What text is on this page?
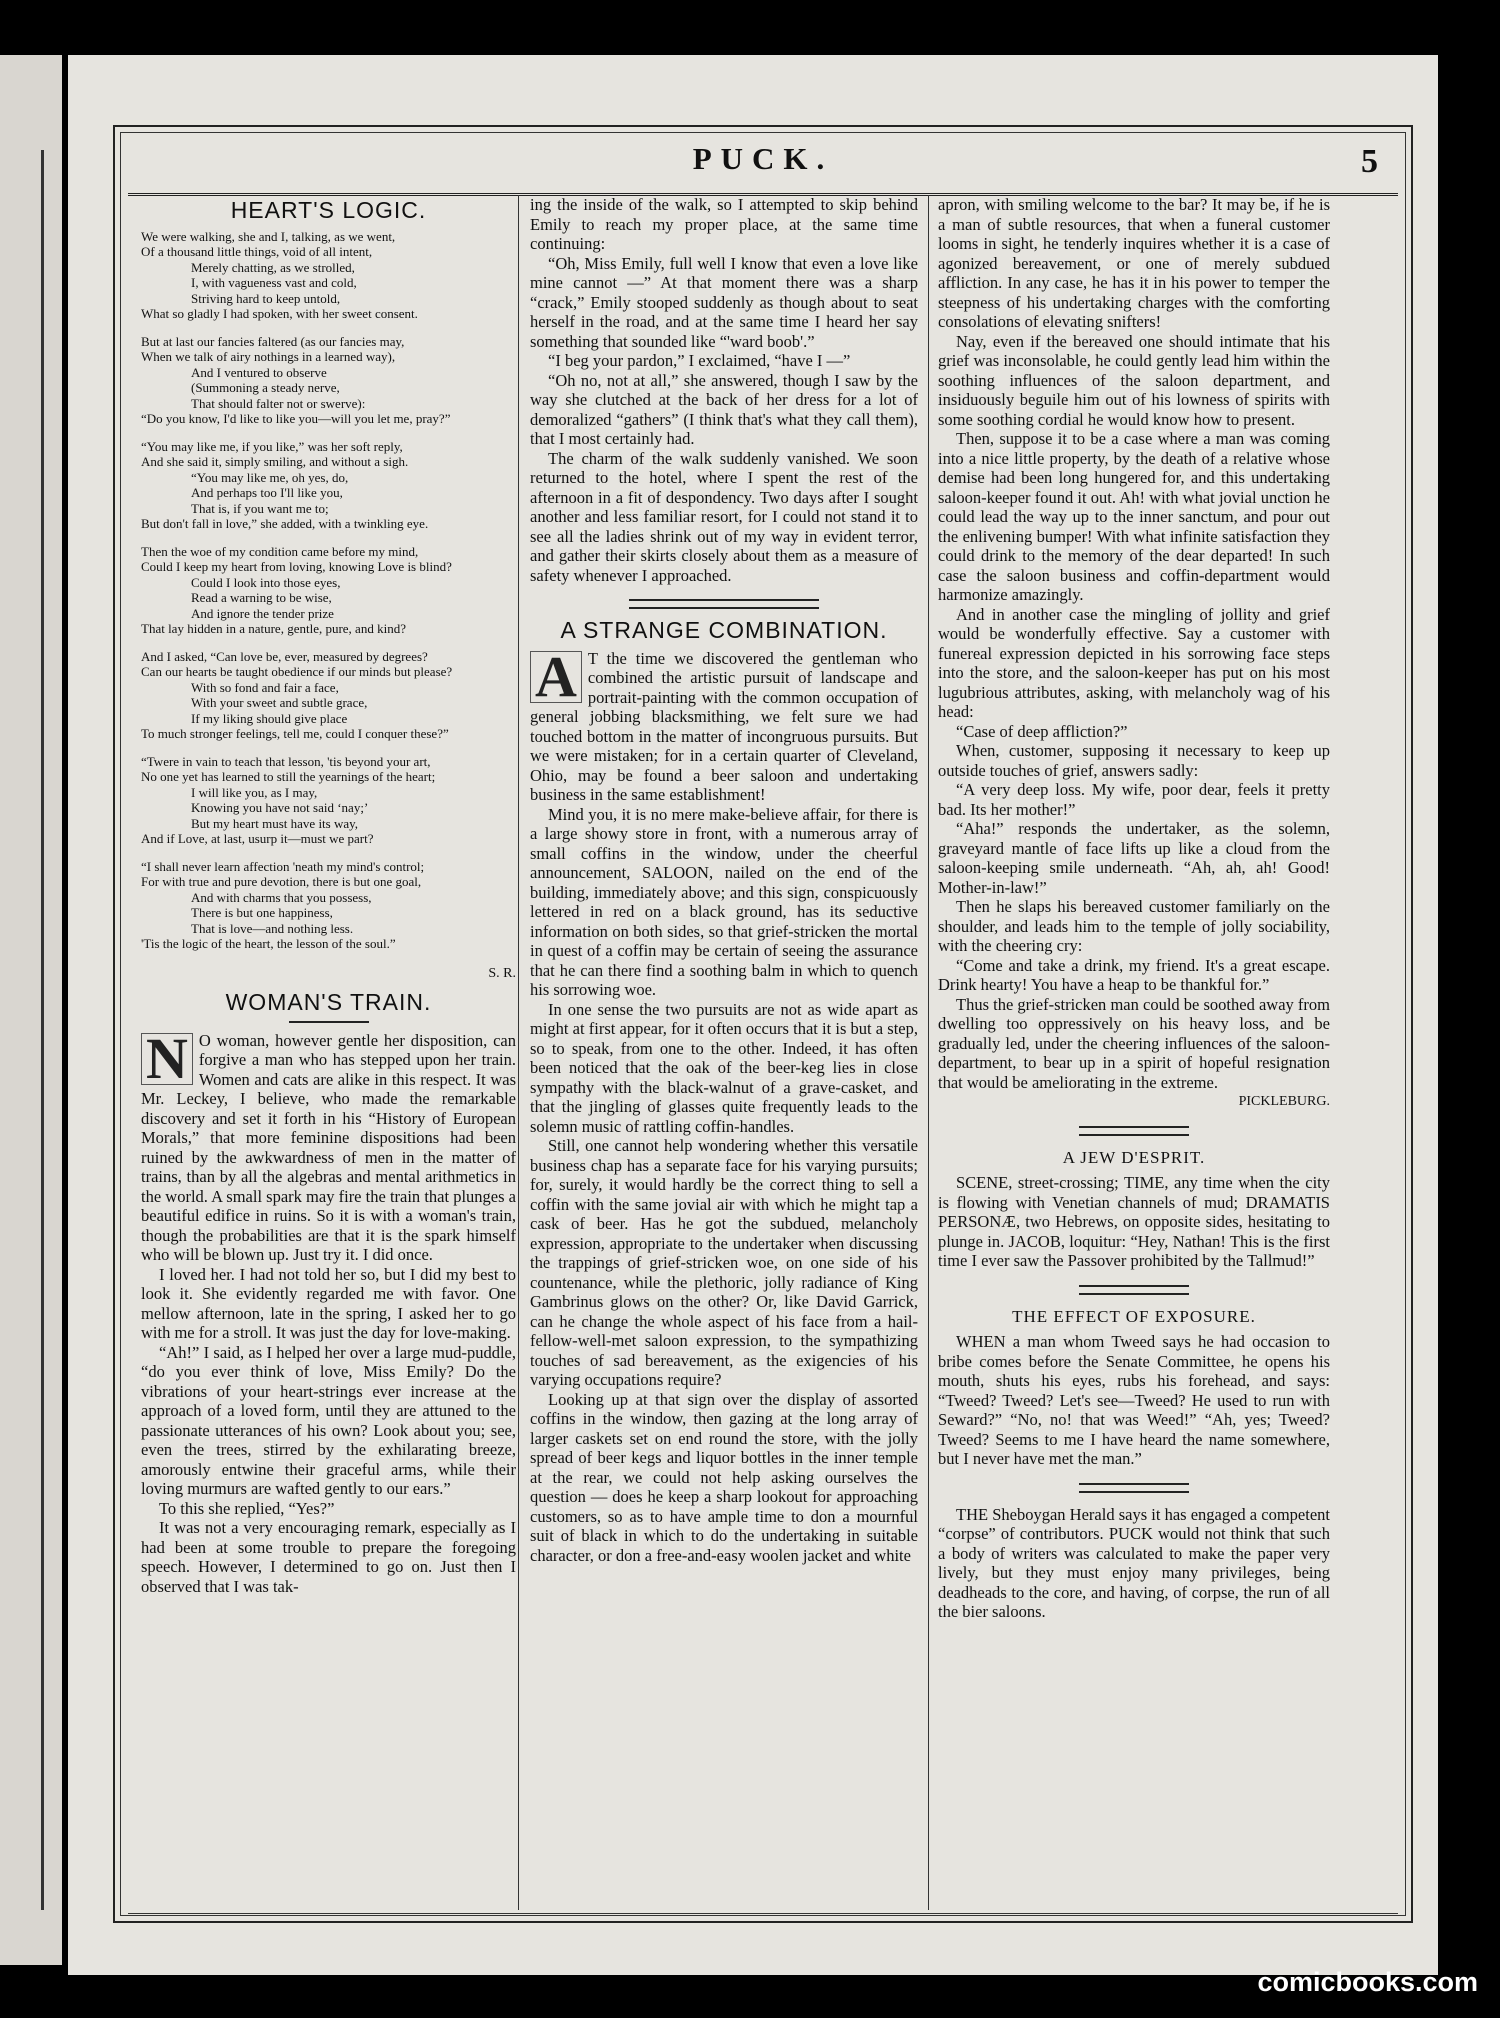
PUCK.	5
HEART'S LOGIC.
We were walking, she and I, talking, as we went,
Of a thousand little things, void of all intent,
Merely chatting, as we strolled,
I, with vagueness vast and cold,
Striving hard to keep untold,
What so gladly I had spoken, with her sweet consent.
But at last our fancies faltered (as our fancies may,
When we talk of airy nothings in a learned way),
And I ventured to observe
(Summoning a steady nerve,
That should falter not or swerve):
“Do you know, I'd like to like you—will you let me, pray?”
“You may like me, if you like,” was her soft reply,
And she said it, simply smiling, and without a sigh.
“You may like me, oh yes, do,
And perhaps too I'll like you,
That is, if you want me to;
But don't fall in love,” she added, with a twinkling eye.
Then the woe of my condition came before my mind,
Could I keep my heart from loving, knowing Love is blind?
Could I look into those eyes,
Read a warning to be wise,
And ignore the tender prize
That lay hidden in a nature, gentle, pure, and kind?
And I asked, “Can love be, ever, measured by degrees?
Can our hearts be taught obedience if our minds but please?
With so fond and fair a face,
With your sweet and subtle grace,
If my liking should give place
To much stronger feelings, tell me, could I conquer these?”
“Twere in vain to teach that lesson, 'tis beyond your art,
No one yet has learned to still the yearnings of the heart;
I will like you, as I may,
Knowing you have not said ‘nay;’
But my heart must have its way,
And if Love, at last, usurp it—must we part?
“I shall never learn affection 'neath my mind's control;
For with true and pure devotion, there is but one goal,
And with charms that you possess,
There is but one happiness,
That is love—and nothing less.
'Tis the logic of the heart, the lesson of the soul.”
S. R.
WOMAN'S TRAIN.

N O woman, however gentle her disposition, can forgive a man who has stepped upon her train. Women and cats are alike in this respect. It was Mr. Leckey, I believe, who made the remarkable discovery and set it forth in his “History of European Morals,” that more feminine dispositions had been ruined by the awkwardness of men in the matter of trains, than by all the algebras and mental arithmetics in the world. A small spark may fire the train that plunges a beautiful edifice in ruins. So it is with a woman's train, though the probabilities are that it is the spark himself who will be blown up. Just try it. I did once.

I loved her. I had not told her so, but I did my best to look it. She evidently regarded me with favor. One mellow afternoon, late in the spring, I asked her to go with me for a stroll. It was just the day for love-making.

“Ah!” I said, as I helped her over a large mud-puddle, “do you ever think of love, Miss Emily? Do the vibrations of your heart-strings ever increase at the approach of a loved form, until they are attuned to the passionate utterances of his own? Look about you; see, even the trees, stirred by the exhilarating breeze, amorously entwine their graceful arms, while their loving murmurs are wafted gently to our ears.”

To this she replied, “Yes?”

It was not a very encouraging remark, especially as I had been at some trouble to prepare the foregoing speech. However, I determined to go on. Just then I observed that I was tak-

ing the inside of the walk, so I attempted to skip behind Emily to reach my proper place, at the same time continuing:

“Oh, Miss Emily, full well I know that even a love like mine cannot —” At that moment there was a sharp “crack,” Emily stooped suddenly as though about to seat herself in the road, and at the same time I heard her say something that sounded like “'ward boob'.”

“I beg your pardon,” I exclaimed, “have I —”

“Oh no, not at all,” she answered, though I saw by the way she clutched at the back of her dress for a lot of demoralized “gathers” (I think that's what they call them), that I most certainly had.

The charm of the walk suddenly vanished. We soon returned to the hotel, where I spent the rest of the afternoon in a fit of despondency. Two days after I sought another and less familiar resort, for I could not stand it to see all the ladies shrink out of my way in evident terror, and gather their skirts closely about them as a measure of safety whenever I approached.

A STRANGE COMBINATION.

A T the time we discovered the gentleman who combined the artistic pursuit of landscape and portrait-painting with the common occupation of general jobbing blacksmithing, we felt sure we had touched bottom in the matter of incongruous pursuits. But we were mistaken; for in a certain quarter of Cleveland, Ohio, may be found a beer saloon and undertaking business in the same establishment!

Mind you, it is no mere make-believe affair, for there is a large showy store in front, with a numerous array of small coffins in the window, under the cheerful announcement, SALOON, nailed on the end of the building, immediately above; and this sign, conspicuously lettered in red on a black ground, has its seductive information on both sides, so that grief-stricken the mortal in quest of a coffin may be certain of seeing the assurance that he can there find a soothing balm in which to quench his sorrowing woe.

In one sense the two pursuits are not as wide apart as might at first appear, for it often occurs that it is but a step, so to speak, from one to the other. Indeed, it has often been noticed that the oak of the beer-keg lies in close sympathy with the black-walnut of a grave-casket, and that the jingling of glasses quite frequently leads to the solemn music of rattling coffin-handles.

Still, one cannot help wondering whether this versatile business chap has a separate face for his varying pursuits; for, surely, it would hardly be the correct thing to sell a coffin with the same jovial air with which he might tap a cask of beer. Has he got the subdued, melancholy expression, appropriate to the undertaker when discussing the trappings of grief-stricken woe, on one side of his countenance, while the plethoric, jolly radiance of King Gambrinus glows on the other? Or, like David Garrick, can he change the whole aspect of his face from a hail-fellow-well-met saloon expression, to the sympathizing touches of sad bereavement, as the exigencies of his varying occupations require?

Looking up at that sign over the display of assorted coffins in the window, then gazing at the long array of larger caskets set on end round the store, with the jolly spread of beer kegs and liquor bottles in the inner temple at the rear, we could not help asking ourselves the question — does he keep a sharp lookout for approaching customers, so as to have ample time to don a mournful suit of black in which to do the undertaking in suitable character, or don a free-and-easy woolen jacket and white

apron, with smiling welcome to the bar? It may be, if he is a man of subtle resources, that when a funeral customer looms in sight, he tenderly inquires whether it is a case of agonized bereavement, or one of merely subdued affliction. In any case, he has it in his power to temper the steepness of his undertaking charges with the comforting consolations of elevating snifters!

Nay, even if the bereaved one should intimate that his grief was inconsolable, he could gently lead him within the soothing influences of the saloon department, and insiduously beguile him out of his lowness of spirits with some soothing cordial he would know how to present.

Then, suppose it to be a case where a man was coming into a nice little property, by the death of a relative whose demise had been long hungered for, and this undertaking saloon-keeper found it out. Ah! with what jovial unction he could lead the way up to the inner sanctum, and pour out the enlivening bumper! With what infinite satisfaction they could drink to the memory of the dear departed! In such case the saloon business and coffin-department would harmonize amazingly.

And in another case the mingling of jollity and grief would be wonderfully effective. Say a customer with funereal expression depicted in his sorrowing face steps into the store, and the saloon-keeper has put on his most lugubrious attributes, asking, with melancholy wag of his head:

“Case of deep affliction?”

When, customer, supposing it necessary to keep up outside touches of grief, answers sadly:

“A very deep loss. My wife, poor dear, feels it pretty bad. Its her mother!”

“Aha!” responds the undertaker, as the solemn, graveyard mantle of face lifts up like a cloud from the saloon-keeping smile underneath. “Ah, ah, ah! Good! Mother-in-law!”

Then he slaps his bereaved customer familiarly on the shoulder, and leads him to the temple of jolly sociability, with the cheering cry:

“Come and take a drink, my friend. It's a great escape. Drink hearty! You have a heap to be thankful for.”

Thus the grief-stricken man could be soothed away from dwelling too oppressively on his heavy loss, and be gradually led, under the cheering influences of the saloon-department, to bear up in a spirit of hopeful resignation that would be ameliorating in the extreme.

PICKLEBURG.
A JEW D'ESPRIT.

SCENE, street-crossing; TIME, any time when the city is flowing with Venetian channels of mud; DRAMATIS PERSONÆ, two Hebrews, on opposite sides, hesitating to plunge in. JACOB, loquitur: “Hey, Nathan! This is the first time I ever saw the Passover prohibited by the Tallmud!”

THE EFFECT OF EXPOSURE.

WHEN a man whom Tweed says he had occasion to bribe comes before the Senate Committee, he opens his mouth, shuts his eyes, rubs his forehead, and says: “Tweed? Tweed? Let's see—Tweed? He used to run with Seward?” “No, no! that was Weed!” “Ah, yes; Tweed? Tweed? Seems to me I have heard the name somewhere, but I never have met the man.”

THE Sheboygan Herald says it has engaged a competent “corpse” of contributors. PUCK would not think that such a body of writers was calculated to make the paper very lively, but they must enjoy many privileges, being deadheads to the core, and having, of corpse, the run of all the bier saloons.

comicbooks.com
